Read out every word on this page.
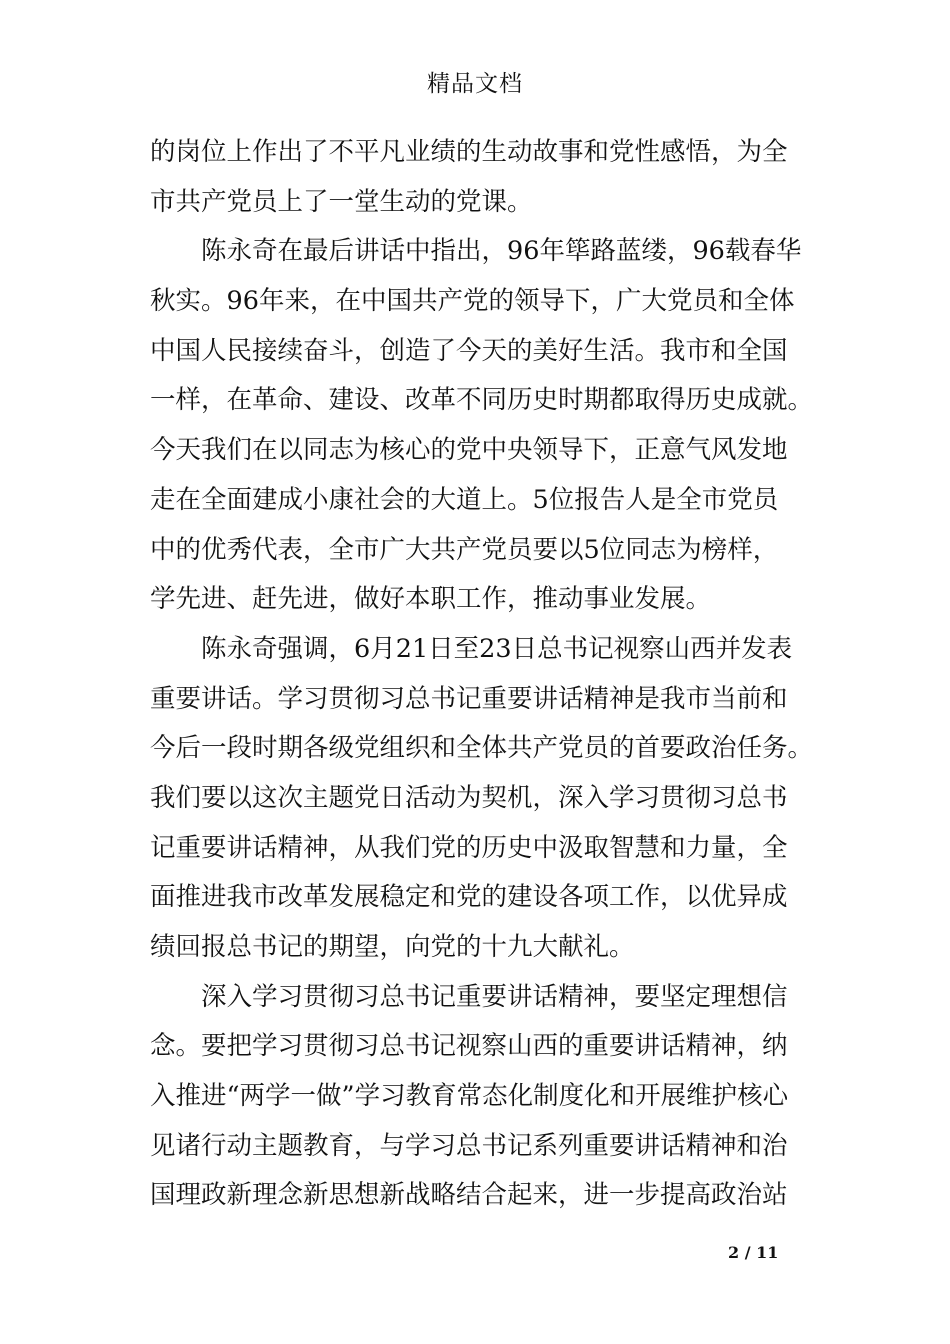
精品文档
的岗位上作出了不平凡业绩的生动故事和党性感悟，为全
市共产党员上了一堂生动的党课。
　　陈永奇在最后讲话中指出，96年筚路蓝缕，96载春华
秋实。96年来，在中国共产党的领导下，广大党员和全体
中国人民接续奋斗，创造了今天的美好生活。我市和全国
一样，在革命、建设、改革不同历史时期都取得历史成就。
今天我们在以同志为核心的党中央领导下，正意气风发地
走在全面建成小康社会的大道上。5位报告人是全市党员
中的优秀代表，全市广大共产党员要以5位同志为榜样，
学先进、赶先进，做好本职工作，推动事业发展。
　　陈永奇强调，6月21日至23日总书记视察山西并发表
重要讲话。学习贯彻习总书记重要讲话精神是我市当前和
今后一段时期各级党组织和全体共产党员的首要政治任务。
我们要以这次主题党日活动为契机，深入学习贯彻习总书
记重要讲话精神，从我们党的历史中汲取智慧和力量，全
面推进我市改革发展稳定和党的建设各项工作，以优异成
绩回报总书记的期望，向党的十九大献礼。
　　深入学习贯彻习总书记重要讲话精神，要坚定理想信
念。要把学习贯彻习总书记视察山西的重要讲话精神，纳
入推进“两学一做”学习教育常态化制度化和开展维护核心
见诸行动主题教育，与学习总书记系列重要讲话精神和治
国理政新理念新思想新战略结合起来，进一步提高政治站
2 / 11
